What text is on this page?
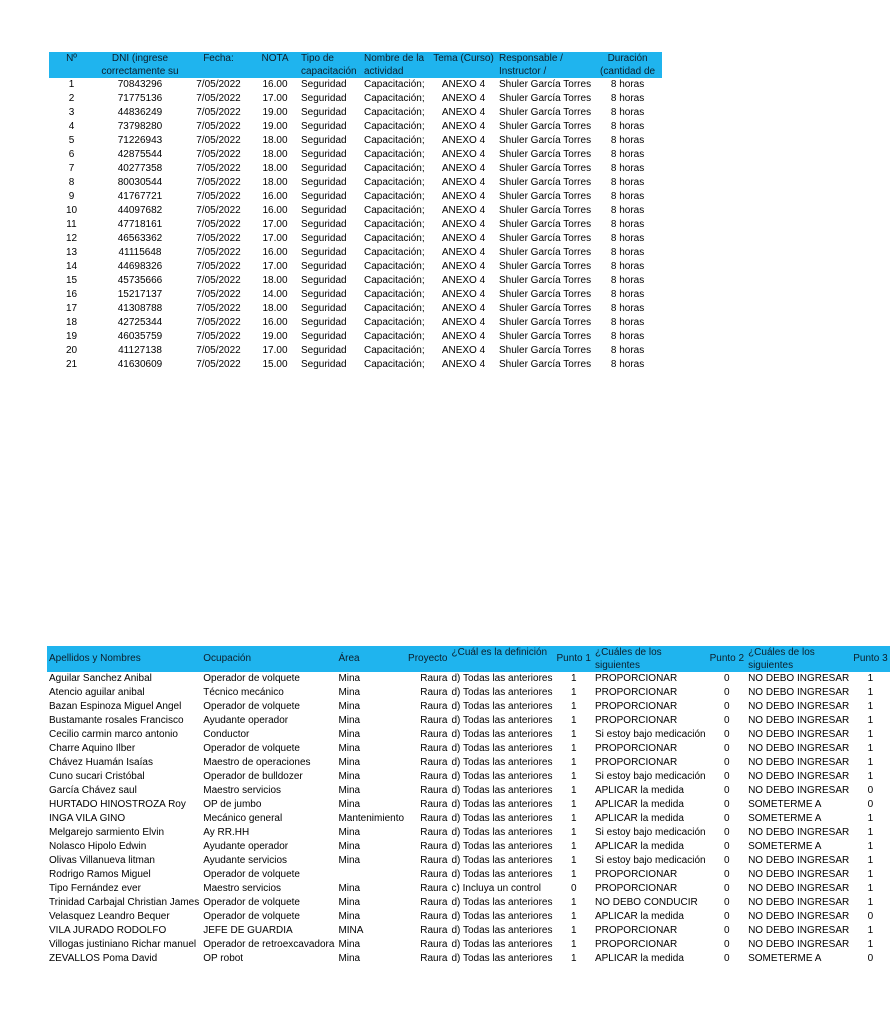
Nº	DNI (ingrese correctamente su	Fecha:	NOTA	Tipo de capacitación	Nombre de la actividad	Tema (Curso)	Responsable / Instructor /	Duración (cantidad de
1	70843296	7/05/2022	16.00	Seguridad	Capacitación;	ANEXO 4	Shuler García Torres	8 horas
2	71775136	7/05/2022	17.00	Seguridad	Capacitación;	ANEXO 4	Shuler García Torres	8 horas
3	44836249	7/05/2022	19.00	Seguridad	Capacitación;	ANEXO 4	Shuler García Torres	8 horas
4	73798280	7/05/2022	19.00	Seguridad	Capacitación;	ANEXO 4	Shuler García Torres	8 horas
5	71226943	7/05/2022	18.00	Seguridad	Capacitación;	ANEXO 4	Shuler García Torres	8 horas
6	42875544	7/05/2022	18.00	Seguridad	Capacitación;	ANEXO 4	Shuler García Torres	8 horas
7	40277358	7/05/2022	18.00	Seguridad	Capacitación;	ANEXO 4	Shuler García Torres	8 horas
8	80030544	7/05/2022	18.00	Seguridad	Capacitación;	ANEXO 4	Shuler García Torres	8 horas
9	41767721	7/05/2022	16.00	Seguridad	Capacitación;	ANEXO 4	Shuler García Torres	8 horas
10	44097682	7/05/2022	16.00	Seguridad	Capacitación;	ANEXO 4	Shuler García Torres	8 horas
11	47718161	7/05/2022	17.00	Seguridad	Capacitación;	ANEXO 4	Shuler García Torres	8 horas
12	46563362	7/05/2022	17.00	Seguridad	Capacitación;	ANEXO 4	Shuler García Torres	8 horas
13	41115648	7/05/2022	16.00	Seguridad	Capacitación;	ANEXO 4	Shuler García Torres	8 horas
14	44698326	7/05/2022	17.00	Seguridad	Capacitación;	ANEXO 4	Shuler García Torres	8 horas
15	45735666	7/05/2022	18.00	Seguridad	Capacitación;	ANEXO 4	Shuler García Torres	8 horas
16	15217137	7/05/2022	14.00	Seguridad	Capacitación;	ANEXO 4	Shuler García Torres	8 horas
17	41308788	7/05/2022	18.00	Seguridad	Capacitación;	ANEXO 4	Shuler García Torres	8 horas
18	42725344	7/05/2022	16.00	Seguridad	Capacitación;	ANEXO 4	Shuler García Torres	8 horas
19	46035759	7/05/2022	19.00	Seguridad	Capacitación;	ANEXO 4	Shuler García Torres	8 horas
20	41127138	7/05/2022	17.00	Seguridad	Capacitación;	ANEXO 4	Shuler García Torres	8 horas
21	41630609	7/05/2022	15.00	Seguridad	Capacitación;	ANEXO 4	Shuler García Torres	8 horas
Apellidos y Nombres	Ocupación	Área	Proyecto	¿Cuál es la definición	Punto 1	¿Cuáles de los siguientes	Punto 2	¿Cuáles de los siguientes	Punto 3
Aguilar Sanchez Anibal	Operador de volquete	Mina	Raura	d) Todas las anteriores	1	PROPORCIONAR	0	NO DEBO INGRESAR	1
Atencio aguilar anibal	Técnico mecánico	Mina	Raura	d) Todas las anteriores	1	PROPORCIONAR	0	NO DEBO INGRESAR	1
Bazan Espinoza Miguel Angel	Operador de volquete	Mina	Raura	d) Todas las anteriores	1	PROPORCIONAR	0	NO DEBO INGRESAR	1
Bustamante rosales Francisco	Ayudante operador	Mina	Raura	d) Todas las anteriores	1	PROPORCIONAR	0	NO DEBO INGRESAR	1
Cecilio carmin marco antonio	Conductor	Mina	Raura	d) Todas las anteriores	1	Si estoy bajo medicación	0	NO DEBO INGRESAR	1
Charre Aquino Ilber	Operador de volquete	Mina	Raura	d) Todas las anteriores	1	PROPORCIONAR	0	NO DEBO INGRESAR	1
Chávez Huamán Isaías	Maestro de operaciones	Mina	Raura	d) Todas las anteriores	1	PROPORCIONAR	0	NO DEBO INGRESAR	1
Cuno sucari Cristóbal	Operador de bulldozer	Mina	Raura	d) Todas las anteriores	1	Si estoy bajo medicación	0	NO DEBO INGRESAR	1
García Chávez saul	Maestro servicios	Mina	Raura	d) Todas las anteriores	1	APLICAR la medida	0	NO DEBO INGRESAR	0
HURTADO HINOSTROZA Roy	OP de jumbo	Mina	Raura	d) Todas las anteriores	1	APLICAR la medida	0	SOMETERME A	0
INGA VILA GINO	Mecánico general	Mantenimiento	Raura	d) Todas las anteriores	1	APLICAR la medida	0	SOMETERME A	1
Melgarejo sarmiento Elvin	Ay RR.HH	Mina	Raura	d) Todas las anteriores	1	Si estoy bajo medicación	0	NO DEBO INGRESAR	1
Nolasco Hipolo Edwin	Ayudante operador	Mina	Raura	d) Todas las anteriores	1	APLICAR la medida	0	SOMETERME A	1
Olivas Villanueva litman	Ayudante servicios	Mina	Raura	d) Todas las anteriores	1	Si estoy bajo medicación	0	NO DEBO INGRESAR	1
Rodrigo Ramos Miguel	Operador de volquete		Raura	d) Todas las anteriores	1	PROPORCIONAR	0	NO DEBO INGRESAR	1
Tipo Fernández ever	Maestro servicios	Mina	Raura	c) Incluya un control	0	PROPORCIONAR	0	NO DEBO INGRESAR	1
Trinidad Carbajal Christian James	Operador de volquete	Mina	Raura	d) Todas las anteriores	1	NO DEBO CONDUCIR	0	NO DEBO INGRESAR	1
Velasquez Leandro Bequer	Operador de volquete	Mina	Raura	d) Todas las anteriores	1	APLICAR la medida	0	NO DEBO INGRESAR	0
VILA JURADO RODOLFO	JEFE DE GUARDIA	MINA	Raura	d) Todas las anteriores	1	PROPORCIONAR	0	NO DEBO INGRESAR	1
Villogas justiniano Richar manuel	Operador de retroexcavadora	Mina	Raura	d) Todas las anteriores	1	PROPORCIONAR	0	NO DEBO INGRESAR	1
ZEVALLOS Poma David	OP robot	Mina	Raura	d) Todas las anteriores	1	APLICAR la medida	0	SOMETERME A	0
